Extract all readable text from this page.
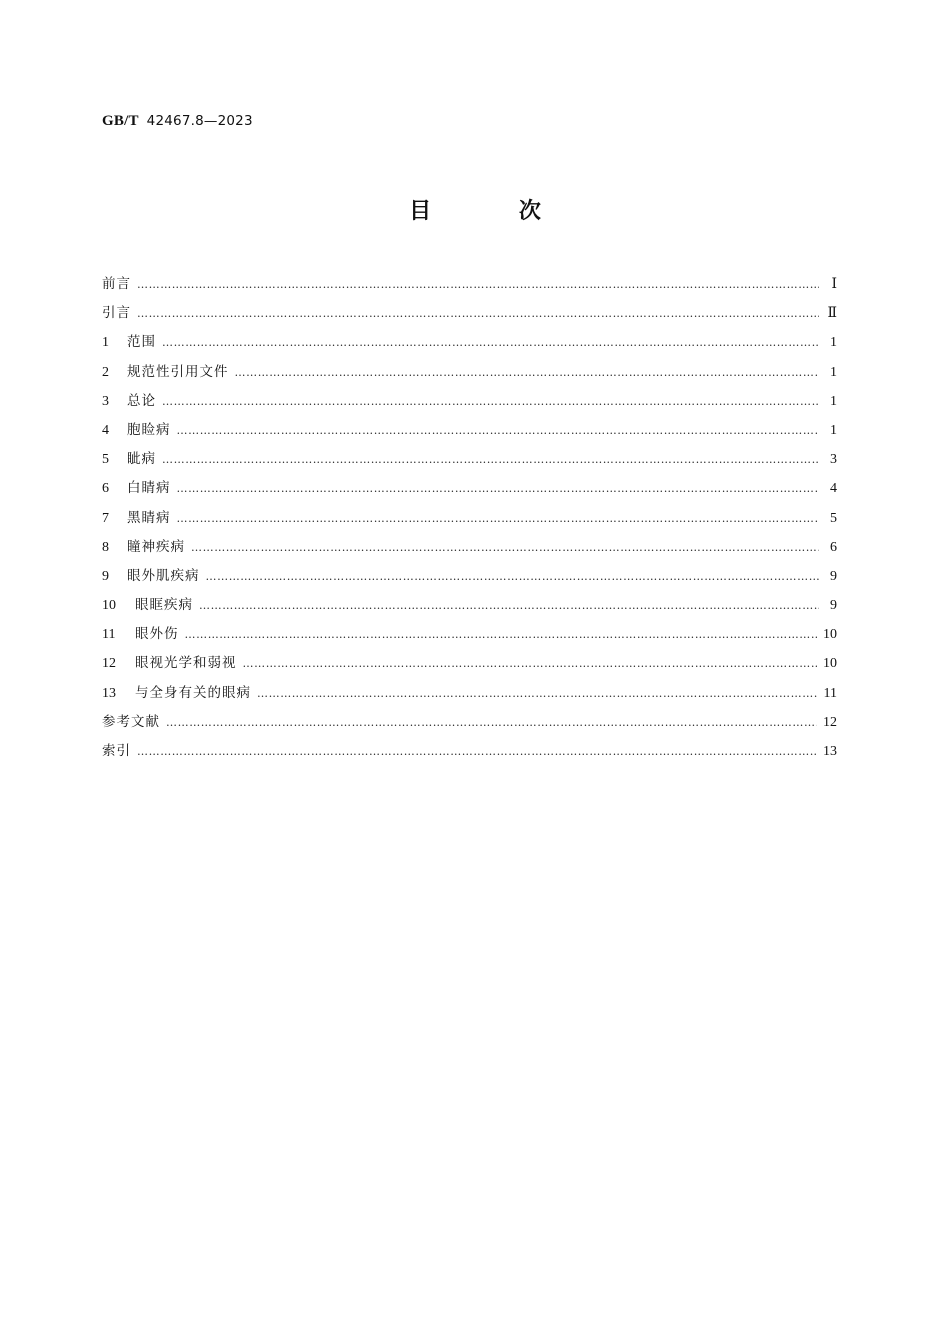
GB/T 42467.8—2023
目 次
前言 ……………………………………………………………………………………………………………………………………………………………………………………………………………………………………………………	Ⅰ
引言 ……………………………………………………………………………………………………………………………………………………………………………………………………………………………………………………	Ⅱ
1	范围 ……………………………………………………………………………………………………………………………………………………………………………………………………………………………………………………	1
2	规范性引用文件 ……………………………………………………………………………………………………………………………………………………………………………………………………………………………………………………	1
3	总论 ……………………………………………………………………………………………………………………………………………………………………………………………………………………………………………………	1
4	胞睑病 ……………………………………………………………………………………………………………………………………………………………………………………………………………………………………………………	1
5	眦病 ……………………………………………………………………………………………………………………………………………………………………………………………………………………………………………………	3
6	白睛病 ……………………………………………………………………………………………………………………………………………………………………………………………………………………………………………………	4
7	黑睛病 ……………………………………………………………………………………………………………………………………………………………………………………………………………………………………………………	5
8	瞳神疾病 ……………………………………………………………………………………………………………………………………………………………………………………………………………………………………………………	6
9	眼外肌疾病 ……………………………………………………………………………………………………………………………………………………………………………………………………………………………………………………	9
10	眼眶疾病 ……………………………………………………………………………………………………………………………………………………………………………………………………………………………………………………	9
11	眼外伤 ……………………………………………………………………………………………………………………………………………………………………………………………………………………………………………………	10
12	眼视光学和弱视 ……………………………………………………………………………………………………………………………………………………………………………………………………………………………………………………	10
13	与全身有关的眼病 ……………………………………………………………………………………………………………………………………………………………………………………………………………………………………………………	11
参考文献 ……………………………………………………………………………………………………………………………………………………………………………………………………………………………………………………	12
索引 ……………………………………………………………………………………………………………………………………………………………………………………………………………………………………………………	13
